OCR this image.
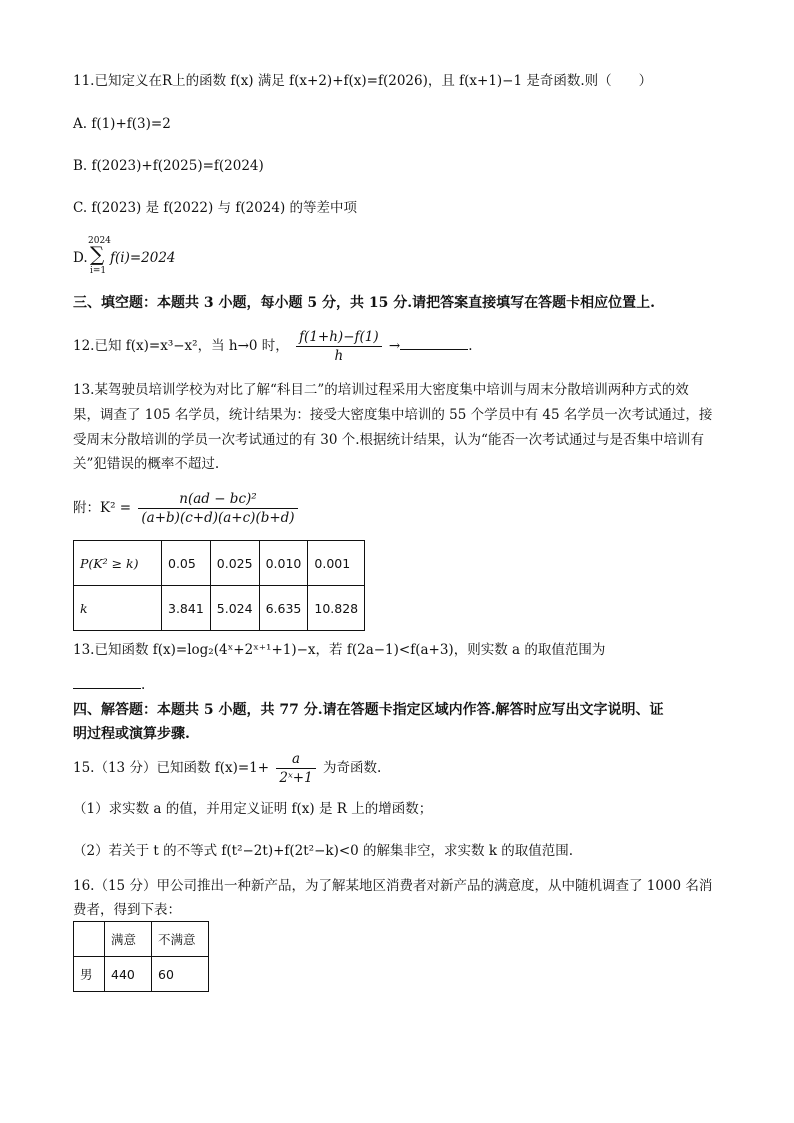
11.已知定义在R上的函数 f(x) 满足 f(x+2)+f(x)=f(2026)，且 f(x+1)−1 是奇函数.则（　　）
A. f(1)+f(3)=2
B. f(2023)+f(2025)=f(2024)
C. f(2023) 是 f(2022) 与 f(2024) 的等差中项
D.
2024
∑
i=1
f(i)=2024
三、填空题：本题共 3 小题，每小题 5 分，共 15 分.请把答案直接填写在答题卡相应位置上.
12.已知 f(x)=x³−x²，当 h→0 时， $\frac{f(1+h)-f(1)}{h}$ →	.
13.某驾驶员培训学校为对比了解“科目二”的培训过程采用大密度集中培训与周末分散培训两种方式的效
果，调查了 105 名学员，统计结果为：接受大密度集中培训的 55 个学员中有 45 名学员一次考试通过，接
受周末分散培训的学员一次考试通过的有 30 个.根据统计结果，认为“能否一次考试通过与是否集中培训有
关”犯错误的概率不超过.
附：$K^2 = \frac{\text{n(ad − bc)²}}{(a+b)(c+d)(a+c)(b+d)}$
P(K² ≥ k)	0.05	0.025	0.010	0.001
k	3.841	5.024	6.635	10.828
13.已知函数 f(x)=log₂(4ˣ+2ˣ⁺¹+1)−x，若 f(2a−1)<f(a+3)，则实数 a 的取值范围为
.
四、解答题：本题共 5 小题，共 77 分.请在答题卡指定区域内作答.解答时应写出文字说明、证
明过程或演算步骤.
15.（13 分）已知函数 $f(x)=1+ \frac{a}{\text{2ˣ+1}}$ 为奇函数.
（1）求实数 a 的值，并用定义证明 f(x) 是 R 上的增函数；
（2）若关于 t 的不等式 f(t²−2t)+f(2t²−k)<0 的解集非空，求实数 k 的取值范围.
16.（15 分）甲公司推出一种新产品，为了解某地区消费者对新产品的满意度，从中随机调查了 1000 名消
费者，得到下表：
	满意	不满意
男	440	60
